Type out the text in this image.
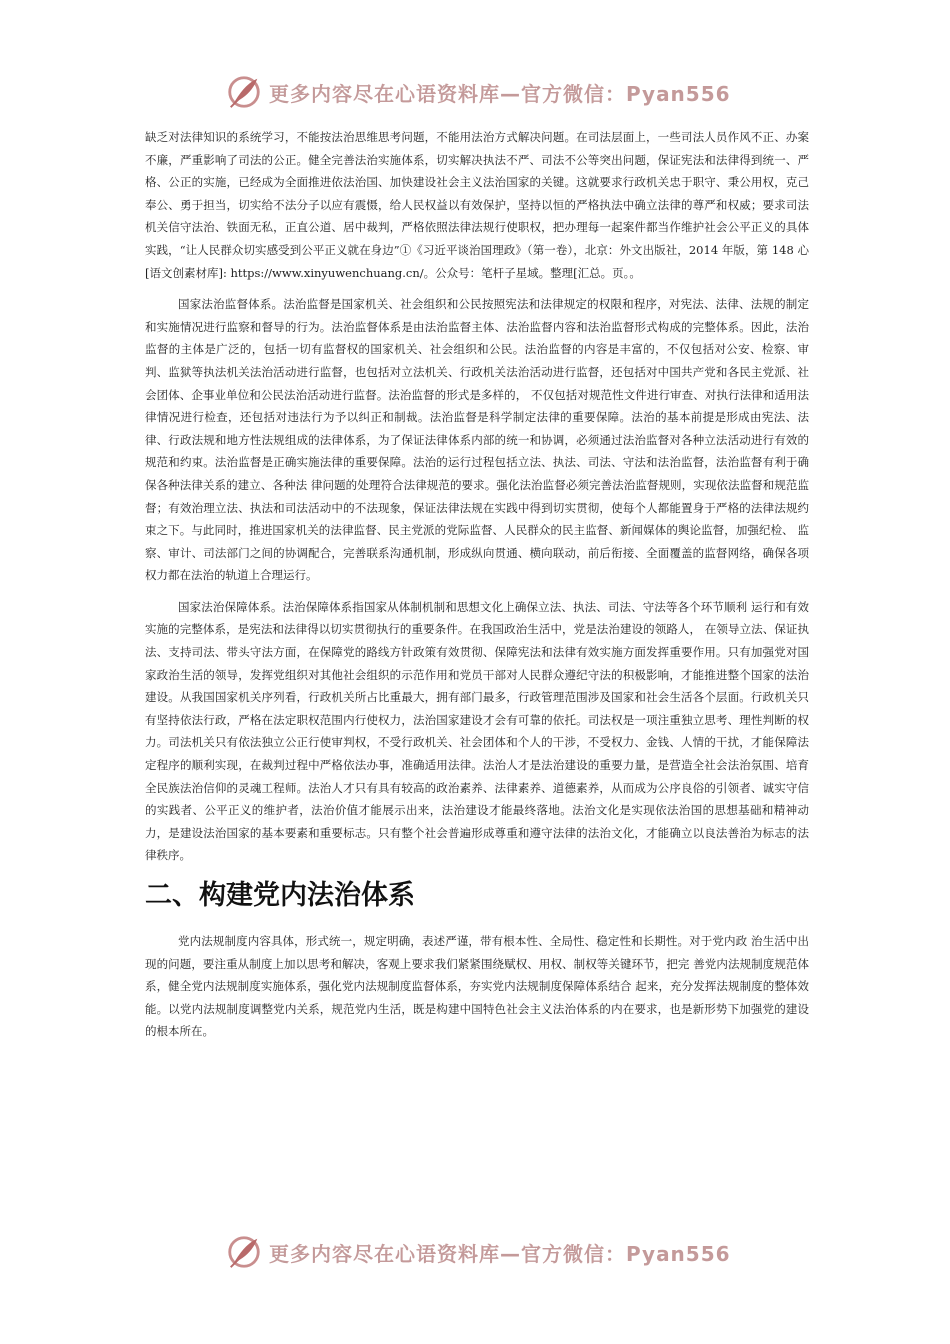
更多内容尽在心语资料库—官方微信：Pyan556

缺乏对法律知识的系统学习，不能按法治思维思考问题，不能用法治方式解决问题。在司法层面上，一些司法人员作风不正、办案不廉，严重影响了司法的公正。健全完善法治实施体系，切实解决执法不严、司法不公等突出问题，保证宪法和法律得到统一、严格、公正的实施，已经成为全面推进依法治国、加快建设社会主义法治国家的关键。这就要求行政机关忠于职守、秉公用权，克己奉公、勇于担当，切实给不法分子以应有震慑，给人民权益以有效保护，坚持以恒的严格执法中确立法律的尊严和权威；要求司法机关信守法治、铁面无私，正直公道、居中裁判，严格依照法律法规行使职权，把办理每一起案件都当作维护社会公平正义的具体实践，“让人民群众切实感受到公平正义就在身边”①《习近平谈治国理政》（第一卷），北京：外文出版社，2014 年版，第 148 心[语文创素材库]: https://www.xinyuwenchuang.cn/。公众号：笔杆子星域。整理[汇总。页。。

国家法治监督体系。法治监督是国家机关、社会组织和公民按照宪法和法律规定的权限和程序，对宪法、法律、法规的制定和实施情况进行监察和督导的行为。法治监督体系是由法治监督主体、法治监督内容和法治监督形式构成的完整体系。因此，法治监督的主体是广泛的，包括一切有监督权的国家机关、社会组织和公民。法治监督的内容是丰富的，不仅包括对公安、检察、审判、监狱等执法机关法治活动进行监督，也包括对立法机关、行政机关法治活动进行监督，还包括对中国共产党和各民主党派、社会团体、企事业单位和公民法治活动进行监督。法治监督的形式是多样的， 不仅包括对规范性文件进行审查、对执行法律和适用法律情况进行检查，还包括对违法行为予以纠正和制裁。法治监督是科学制定法律的重要保障。法治的基本前提是形成由宪法、法律、行政法规和地方性法规组成的法律体系，为了保证法律体系内部的统一和协调，必须通过法治监督对各种立法活动进行有效的规范和约束。法治监督是正确实施法律的重要保障。法治的运行过程包括立法、执法、司法、守法和法治监督，法治监督有利于确保各种法律关系的建立、各种法 律问题的处理符合法律规范的要求。强化法治监督必须完善法治监督规则，实现依法监督和规范监督；有效治理立法、执法和司法活动中的不法现象，保证法律法规在实践中得到切实贯彻，使每个人都能置身于严格的法律法规约束之下。与此同时，推进国家机关的法律监督、民主党派的党际监督、人民群众的民主监督、新闻媒体的舆论监督，加强纪检、 监察、审计、司法部门之间的协调配合，完善联系沟通机制，形成纵向贯通、横向联动，前后衔接、全面覆盖的监督网络，确保各项权力都在法治的轨道上合理运行。

国家法治保障体系。法治保障体系指国家从体制机制和思想文化上确保立法、执法、司法、守法等各个环节顺利 运行和有效实施的完整体系，是宪法和法律得以切实贯彻执行的重要条件。在我国政治生活中，党是法治建设的领路人， 在领导立法、保证执法、支持司法、带头守法方面，在保障党的路线方针政策有效贯彻、保障宪法和法律有效实施方面发挥重要作用。只有加强党对国家政治生活的领导，发挥党组织对其他社会组织的示范作用和党员干部对人民群众遵纪守法的积极影响，才能推进整个国家的法治建设。从我国国家机关序列看，行政机关所占比重最大，拥有部门最多，行政管理范围涉及国家和社会生活各个层面。行政机关只有坚持依法行政，严格在法定职权范围内行使权力，法治国家建设才会有可靠的依托。司法权是一项注重独立思考、理性判断的权力。司法机关只有依法独立公正行使审判权，不受行政机关、社会团体和个人的干涉，不受权力、金钱、人情的干扰，才能保障法定程序的顺利实现，在裁判过程中严格依法办事，准确适用法律。法治人才是法治建设的重要力量，是营造全社会法治氛围、培育全民族法治信仰的灵魂工程师。法治人才只有具有较高的政治素养、法律素养、道德素养，从而成为公序良俗的引领者、诚实守信的实践者、公平正义的维护者，法治价值才能展示出来，法治建设才能最终落地。法治文化是实现依法治国的思想基础和精神动力，是建设法治国家的基本要素和重要标志。只有整个社会普遍形成尊重和遵守法律的法治文化，才能确立以良法善治为标志的法律秩序。

二、构建党内法治体系

党内法规制度内容具体，形式统一，规定明确，表述严谨，带有根本性、全局性、稳定性和长期性。对于党内政 治生活中出现的问题，要注重从制度上加以思考和解决，客观上要求我们紧紧围绕赋权、用权、制权等关键环节，把完 善党内法规制度规范体系，健全党内法规制度实施体系，强化党内法规制度监督体系，夯实党内法规制度保障体系结合 起来，充分发挥法规制度的整体效能。以党内法规制度调整党内关系，规范党内生活，既是构建中国特色社会主义法治体系的内在要求，也是新形势下加强党的建设的根本所在。

更多内容尽在心语资料库—官方微信：Pyan556
